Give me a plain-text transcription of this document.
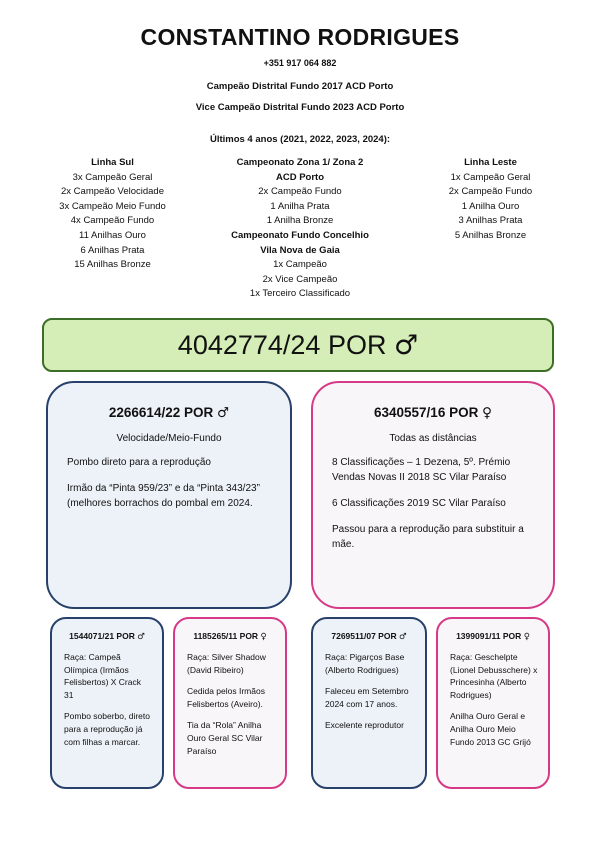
CONSTANTINO RODRIGUES
+351 917 064 882
Campeão Distrital Fundo 2017 ACD Porto
Vice Campeão Distrital Fundo 2023 ACD Porto
Últimos 4 anos (2021, 2022, 2023, 2024):
Linha Sul
3x Campeão Geral
2x Campeão Velocidade
3x Campeão Meio Fundo
4x Campeão Fundo
11 Anilhas Ouro
6 Anilhas Prata
15 Anilhas Bronze
Campeonato Zona 1/ Zona 2
ACD Porto
2x Campeão Fundo
1 Anilha Prata
1 Anilha Bronze
Campeonato Fundo Concelhio
Vila Nova de Gaia
1x Campeão
2x Vice Campeão
1x Terceiro Classificado
Linha Leste
1x Campeão Geral
2x Campeão Fundo
1 Anilha Ouro
3 Anilhas Prata
5 Anilhas Bronze
4042774/24 POR
♂
2266614/22 POR ♂
Velocidade/Meio-Fundo

Pombo direto para a reprodução

Irmão da “Pinta 959/23” e da “Pinta 343/23” (melhores borrachos do pombal em 2024.

6340557/16 POR ♀
Todas as distâncias

8 Classificações – 1 Dezena, 5º. Prémio Vendas Novas II 2018 SC Vilar Paraíso

6 Classificações 2019 SC Vilar Paraíso

Passou para a reprodução para substituir a mãe.

1544071/21 POR ♂

Raça: Campeã Olímpica (Irmãos Felisbertos) X Crack 31

Pombo soberbo, direto para a reprodução já com filhas a marcar.

1185265/11 POR ♀

Raça: Silver Shadow (David Ribeiro)

Cedida pelos Irmãos Felisbertos (Aveiro).

Tia da “Rola” Anilha Ouro Geral SC Vilar Paraíso

7269511/07 POR ♂

Raça: Pigarços Base (Alberto Rodrigues)

Faleceu em Setembro 2024 com 17 anos.

Excelente reprodutor

1399091/11 POR ♀

Raça: Geschelpte (Lionel Debusschere) x Princesinha (Alberto Rodrigues)

Anilha Ouro Geral e Anilha Ouro Meio Fundo 2013 GC Grijó
